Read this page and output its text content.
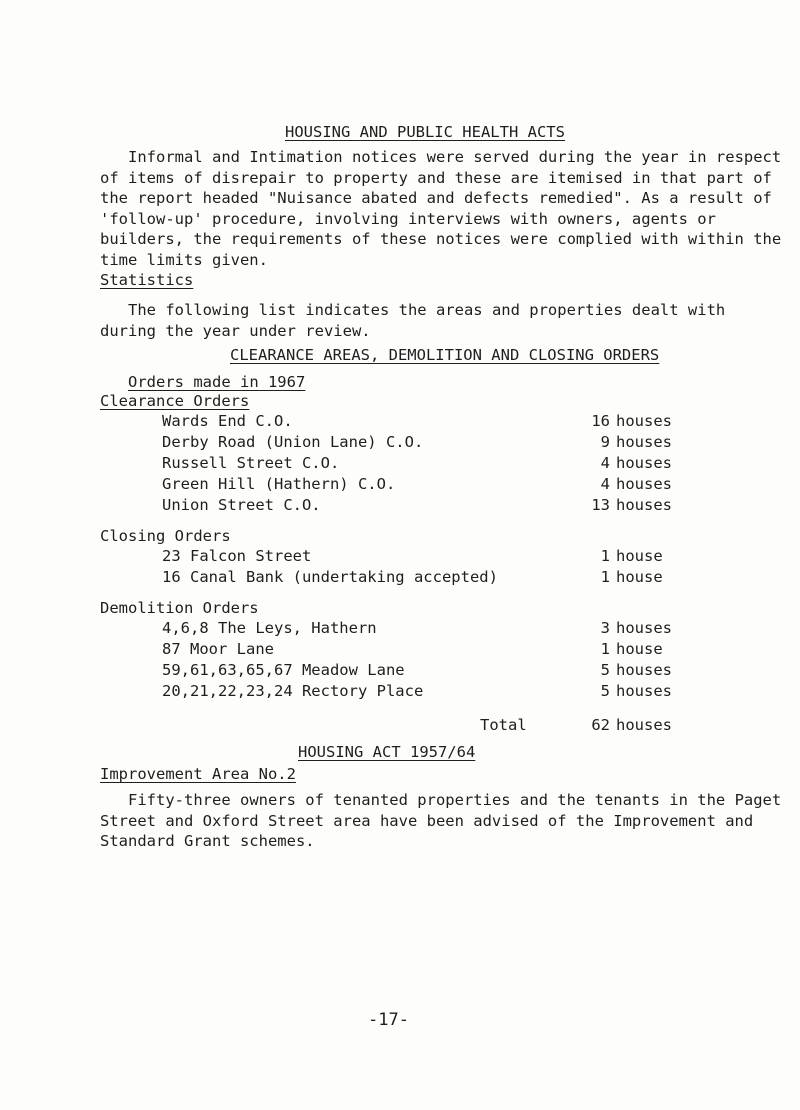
HOUSING AND PUBLIC HEALTH ACTS

Informal and Intimation notices were served during the year in respect of items of disrepair to property and these are itemised in that part of the report headed "Nuisance abated and defects remedied". As a result of 'follow-up' procedure, involving interviews with owners, agents or builders, the requirements of these notices were complied with within the time limits given.

Statistics

The following list indicates the areas and properties dealt with during the year under review.

CLEARANCE AREAS, DEMOLITION AND CLOSING ORDERS
Orders made in 1967
Clearance Orders
Wards End C.O.	16 houses
Derby Road (Union Lane) C.O.	9 houses
Russell Street C.O.	4 houses
Green Hill (Hathern) C.O.	4 houses
Union Street C.O.	13 houses
Closing Orders
23 Falcon Street	1 house
16 Canal Bank (undertaking accepted)	1 house
Demolition Orders
4,6,8 The Leys, Hathern	3 houses
87 Moor Lane	1 house
59,61,63,65,67 Meadow Lane	5 houses
20,21,22,23,24 Rectory Place	5 houses
Total	62 houses
HOUSING ACT 1957/64
Improvement Area No.2

Fifty-three owners of tenanted properties and the tenants in the Paget Street and Oxford Street area have been advised of the Improvement and Standard Grant schemes.

-17-
